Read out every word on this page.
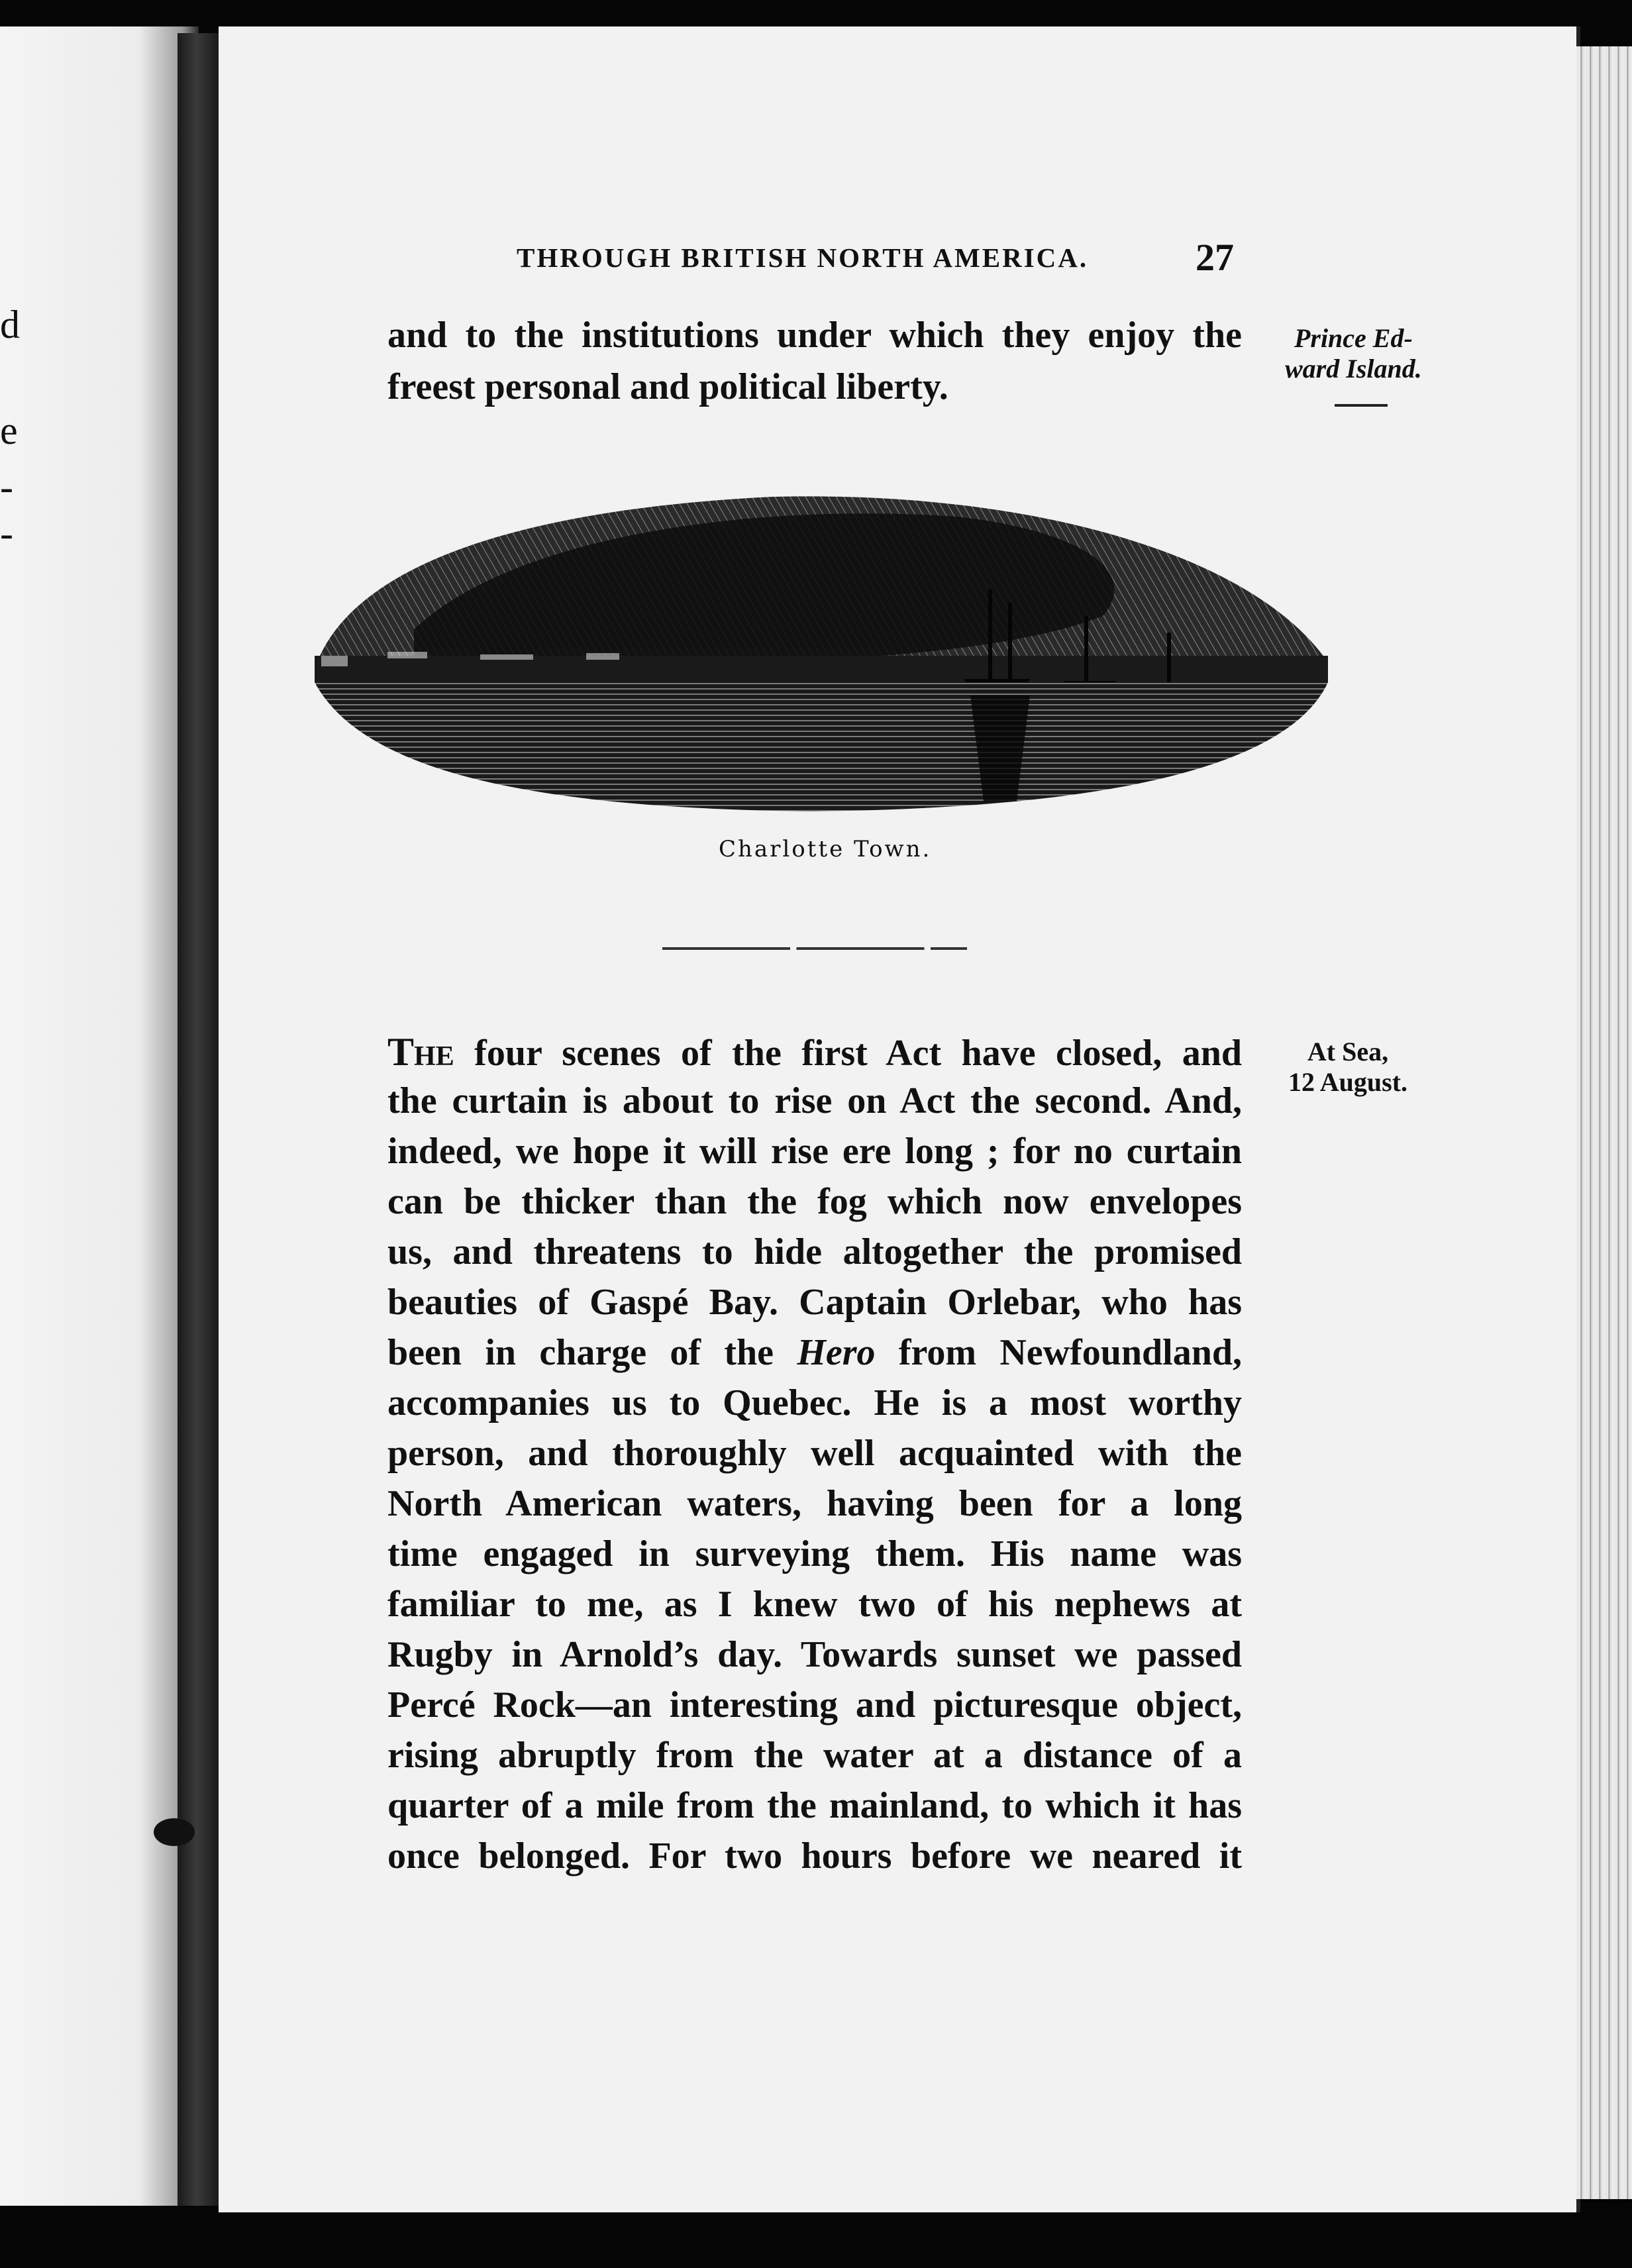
d
e
-
-
THROUGH BRITISH NORTH AMERICA.	27
and to the institutions under which they enjoy the
freest personal and political liberty.
Prince Ed-
ward Island.
Charlotte Town.
At Sea,
12 August.
The four scenes of the first Act have closed, and
the curtain is about to rise on Act the second. And,
indeed, we hope it will rise ere long ; for no curtain
can be thicker than the fog which now envelopes
us, and threatens to hide altogether the promised
beauties of Gaspé Bay. Captain Orlebar, who has
been in charge of the Hero from Newfoundland,
accompanies us to Quebec. He is a most worthy
person, and thoroughly well acquainted with the
North American waters, having been for a long
time engaged in surveying them. His name was
familiar to me, as I knew two of his nephews at
Rugby in Arnold’s day. Towards sunset we passed
Percé Rock—an interesting and picturesque object,
rising abruptly from the water at a distance of a
quarter of a mile from the mainland, to which it has
once belonged. For two hours before we neared it
